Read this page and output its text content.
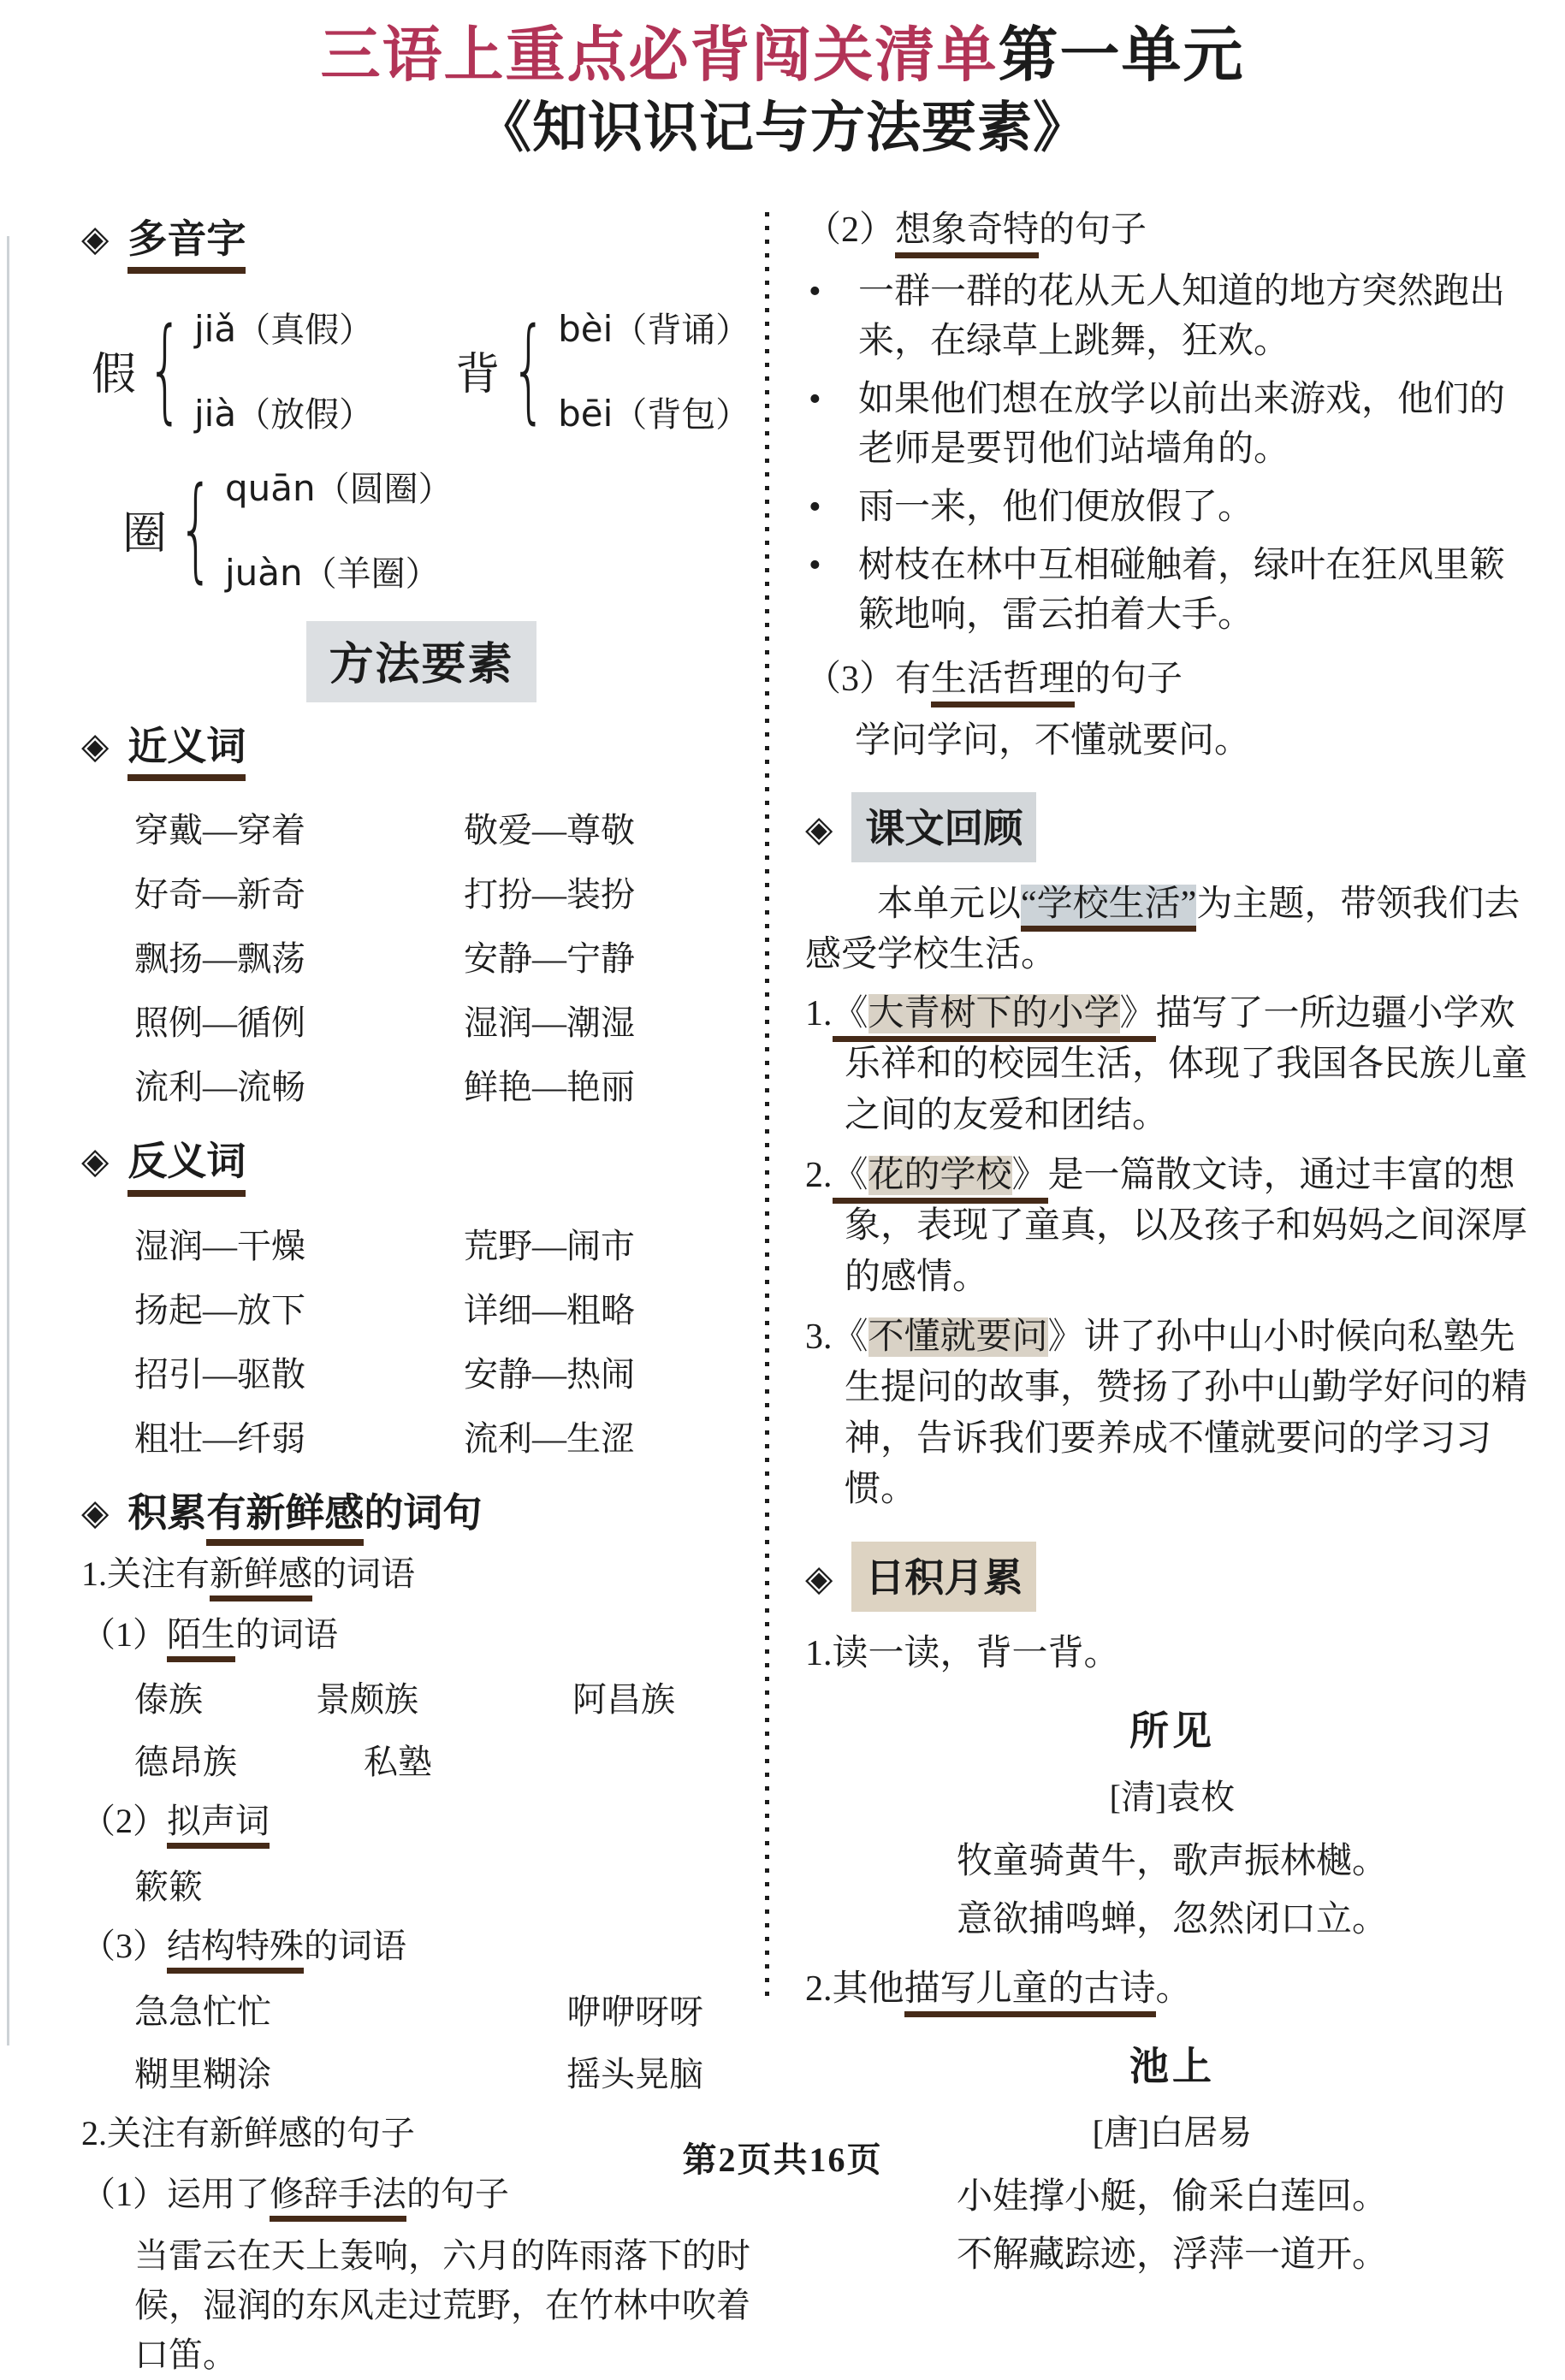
三语上重点必背闯关清单第一单元
《知识识记与方法要素》
◈ 多音字
假 { jiǎ（真假）
jià（放假）
背 { bèi（背诵）
bēi（背包）
圈 { quān（圆圈）
juàn（羊圈）
方法要素
◈ 近义词
穿戴—穿着	敬爱—尊敬
好奇—新奇	打扮—装扮
飘扬—飘荡	安静—宁静
照例—循例	湿润—潮湿
流利—流畅	鲜艳—艳丽
◈ 反义词
湿润—干燥	荒野—闹市
扬起—放下	详细—粗略
招引—驱散	安静—热闹
粗壮—纤弱	流利—生涩
◈ 积累有新鲜感的词句
1.关注有新鲜感的词语
（1）陌生的词语
傣族	景颇族	阿昌族
德昂族	私塾
（2）拟声词
簌簌
（3）结构特殊的词语
急急忙忙	咿咿呀呀
糊里糊涂	摇头晃脑
2.关注有新鲜感的句子
（1）运用了修辞手法的句子
当雷云在天上轰响，六月的阵雨落下的时候，湿润的东风走过荒野，在竹林中吹着口笛。
（2）想象奇特的句子
•	一群一群的花从无人知道的地方突然跑出来，在绿草上跳舞，狂欢。
•	如果他们想在放学以前出来游戏，他们的老师是要罚他们站墙角的。
•	雨一来，他们便放假了。
•	树枝在林中互相碰触着，绿叶在狂风里簌簌地响，雷云拍着大手。
（3）有生活哲理的句子
学问学问，不懂就要问。
◈ 课文回顾

本单元以“学校生活”为主题，带领我们去感受学校生活。

1.《大青树下的小学》描写了一所边疆小学欢乐祥和的校园生活，体现了我国各民族儿童之间的友爱和团结。
2.《花的学校》是一篇散文诗，通过丰富的想象，表现了童真，以及孩子和妈妈之间深厚的感情。
3.《不懂就要问》讲了孙中山小时候向私塾先生提问的故事，赞扬了孙中山勤学好问的精神，告诉我们要养成不懂就要问的学习习惯。
◈ 日积月累
1.读一读，背一背。
所见
[清]袁枚
牧童骑黄牛，歌声振林樾。
意欲捕鸣蝉，忽然闭口立。
2.其他描写儿童的古诗。
池上
[唐]白居易
小娃撑小艇，偷采白莲回。
不解藏踪迹，浮萍一道开。
第2页共16页
